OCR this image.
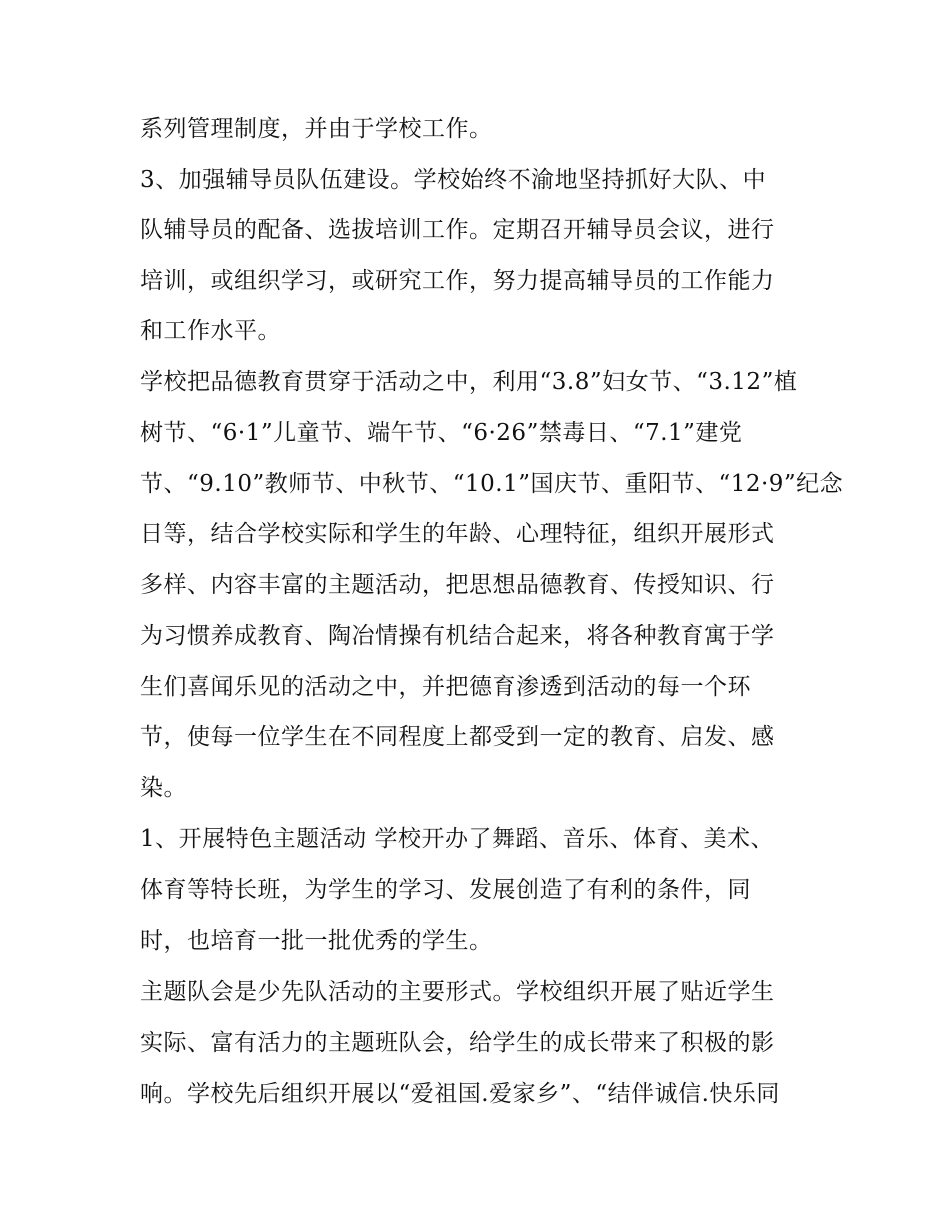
系列管理制度，并由于学校工作。
3、加强辅导员队伍建设。学校始终不渝地坚持抓好大队、中
队辅导员的配备、选拔培训工作。定期召开辅导员会议，进行
培训，或组织学习，或研究工作，努力提高辅导员的工作能力
和工作水平。
学校把品德教育贯穿于活动之中，利用“3.8”妇女节、“3.12”植
树节、“6·1”儿童节、端午节、“6·26”禁毒日、“7.1”建党
节、“9.10”教师节、中秋节、“10.1”国庆节、重阳节、“12·9”纪念
日等，结合学校实际和学生的年龄、心理特征，组织开展形式
多样、内容丰富的主题活动，把思想品德教育、传授知识、行
为习惯养成教育、陶冶情操有机结合起来，将各种教育寓于学
生们喜闻乐见的活动之中，并把德育渗透到活动的每一个环
节，使每一位学生在不同程度上都受到一定的教育、启发、感
染。
1、开展特色主题活动 学校开办了舞蹈、音乐、体育、美术、
体育等特长班，为学生的学习、发展创造了有利的条件，同
时，也培育一批一批优秀的学生。
主题队会是少先队活动的主要形式。学校组织开展了贴近学生
实际、富有活力的主题班队会，给学生的成长带来了积极的影
响。学校先后组织开展以“爱祖国.爱家乡”、“结伴诚信.快乐同
